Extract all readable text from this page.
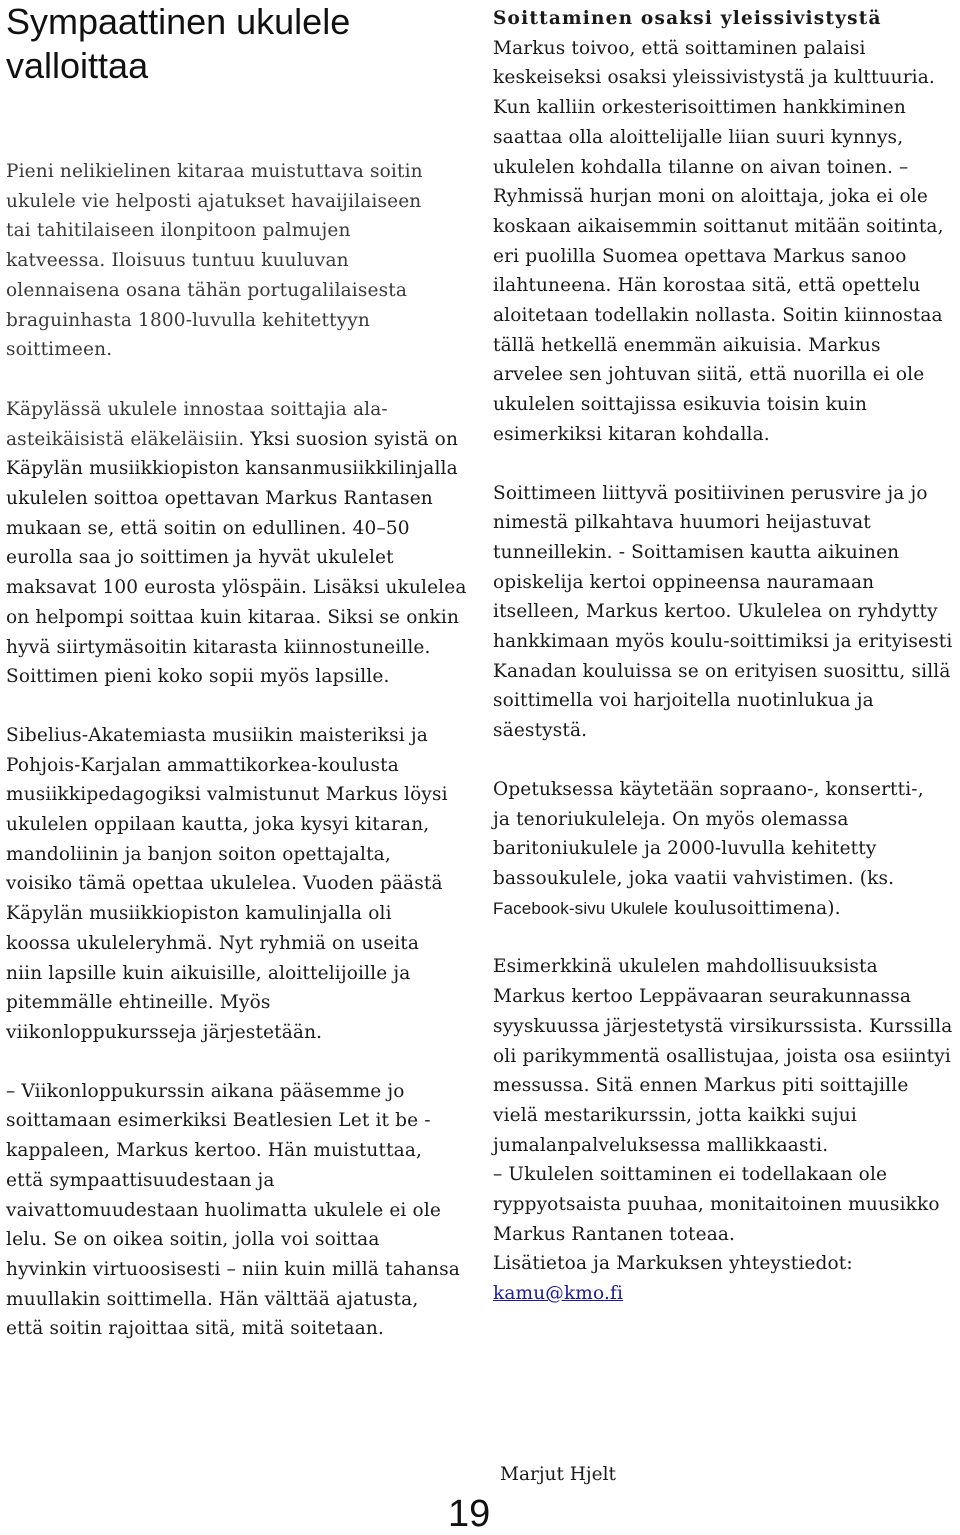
Sympaattinen ukulele
valloittaa

Pieni nelikielinen kitaraa muistuttava soitin ukulele vie helposti ajatukset havaijilaiseen tai tahitilaiseen ilonpitoon palmujen katveessa. Iloisuus tuntuu kuuluvan olennaisena osana tähän portugalilaisesta braguinhasta 1800-luvulla kehitettyyn soittimeen.

Käpylässä ukulele innostaa soittajia ala-asteikäisistä eläkeläisiin. Yksi suosion syistä on Käpylän musiikkiopiston kansanmusiikkilinjalla ukulelen soittoa opettavan Markus Rantasen mukaan se, että soitin on edullinen. 40–50 eurolla saa jo soittimen ja hyvät ukulelet maksavat 100 eurosta ylöspäin. Lisäksi ukulelea on helpompi soittaa kuin kitaraa. Siksi se onkin hyvä siirtymäsoitin kitarasta kiinnostuneille. Soittimen pieni koko sopii myös lapsille.

Sibelius-Akatemiasta musiikin maisteriksi ja Pohjois-Karjalan ammattikorkea-koulusta musiikkipedagogiksi valmistunut Markus löysi ukulelen oppilaan kautta, joka kysyi kitaran, mandoliinin ja banjon soiton opettajalta, voisiko tämä opettaa ukulelea. Vuoden päästä Käpylän musiikkiopiston kamulinjalla oli koossa ukuleleryhmä. Nyt ryhmiä on useita niin lapsille kuin aikuisille, aloittelijoille ja pitemmälle ehtineille. Myös viikonloppukursseja järjestetään.

– Viikonloppukurssin aikana pääsemme jo soittamaan esimerkiksi Beatlesien Let it be -kappaleen, Markus kertoo. Hän muistuttaa, että sympaattisuudestaan ja vaivattomuudestaan huolimatta ukulele ei ole lelu. Se on oikea soitin, jolla voi soittaa hyvinkin virtuoosisesti – niin kuin millä tahansa muullakin soittimella. Hän välttää ajatusta, että soitin rajoittaa sitä, mitä soitetaan.

Soittaminen osaksi yleissivistystä
Markus toivoo, että soittaminen palaisi keskeiseksi osaksi yleissivistystä ja kulttuuria. Kun kalliin orkesterisoittimen hankkiminen saattaa olla aloittelijalle liian suuri kynnys, ukulelen kohdalla tilanne on aivan toinen. – Ryhmissä hurjan moni on aloittaja, joka ei ole koskaan aikaisemmin soittanut mitään soitinta, eri puolilla Suomea opettava Markus sanoo ilahtuneena. Hän korostaa sitä, että opettelu aloitetaan todellakin nollasta. Soitin kiinnostaa tällä hetkellä enemmän aikuisia. Markus arvelee sen johtuvan siitä, että nuorilla ei ole ukulelen soittajissa esikuvia toisin kuin esimerkiksi kitaran kohdalla.

Soittimeen liittyvä positiivinen perusvire ja jo nimestä pilkahtava huumori heijastuvat tunneillekin. - Soittamisen kautta aikuinen opiskelija kertoi oppineensa nauramaan itselleen, Markus kertoo. Ukulelea on ryhdytty hankkimaan myös koulu-soittimiksi ja erityisesti Kanadan kouluissa se on erityisen suosittu, sillä soittimella voi harjoitella nuotinlukua ja säestystä.

Opetuksessa käytetään sopraano-, konsertti-, ja tenoriukuleleja. On myös olemassa baritoniukulele ja 2000-luvulla kehitetty bassoukulele, joka vaatii vahvistimen. (ks. Facebook-sivu Ukulele koulusoittimena).

Esimerkkinä ukulelen mahdollisuuksista Markus kertoo Leppävaaran seurakunnassa syyskuussa järjestetystä virsikurssista. Kurssilla oli parikymmentä osallistujaa, joista osa esiintyi messussa. Sitä ennen Markus piti soittajille vielä mestarikurssin, jotta kaikki sujui jumalanpalveluksessa mallikkaasti.

– Ukulelen soittaminen ei todellakaan ole ryppyotsaista puuhaa, monitaitoinen muusikko Markus Rantanen toteaa.

Lisätietoa ja Markuksen yhteystiedot:

kamu@kmo.fi

Marjut Hjelt
19
